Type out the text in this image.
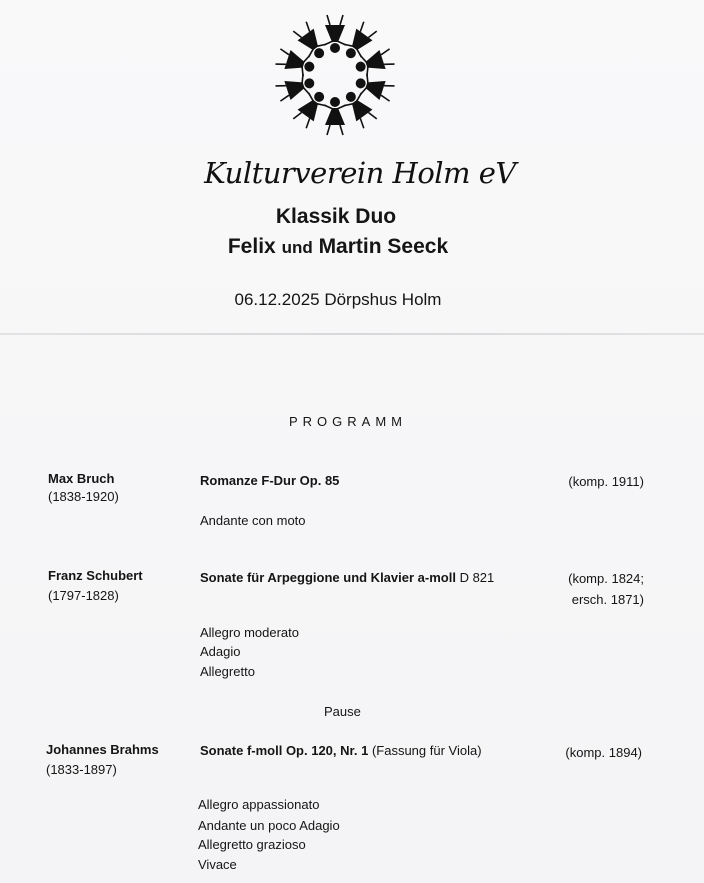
Kulturverein Holm eV
Klassik Duo
Felix und Martin Seeck
06.12.2025 Dörpshus Holm
PROGRAMM
Max Bruch
(1838-1920)
Romanze F-Dur Op. 85	(komp. 1911)
Andante con moto
Franz Schubert
(1797-1828)
Sonate für Arpeggione und Klavier a-moll D 821	(komp. 1824;
ersch. 1871)
Allegro moderato
Adagio
Allegretto
Pause
Johannes Brahms
(1833-1897)
Sonate f-moll Op. 120, Nr. 1 (Fassung für Viola)	(komp. 1894)
Allegro appassionato
Andante un poco Adagio
Allegretto grazioso
Vivace
